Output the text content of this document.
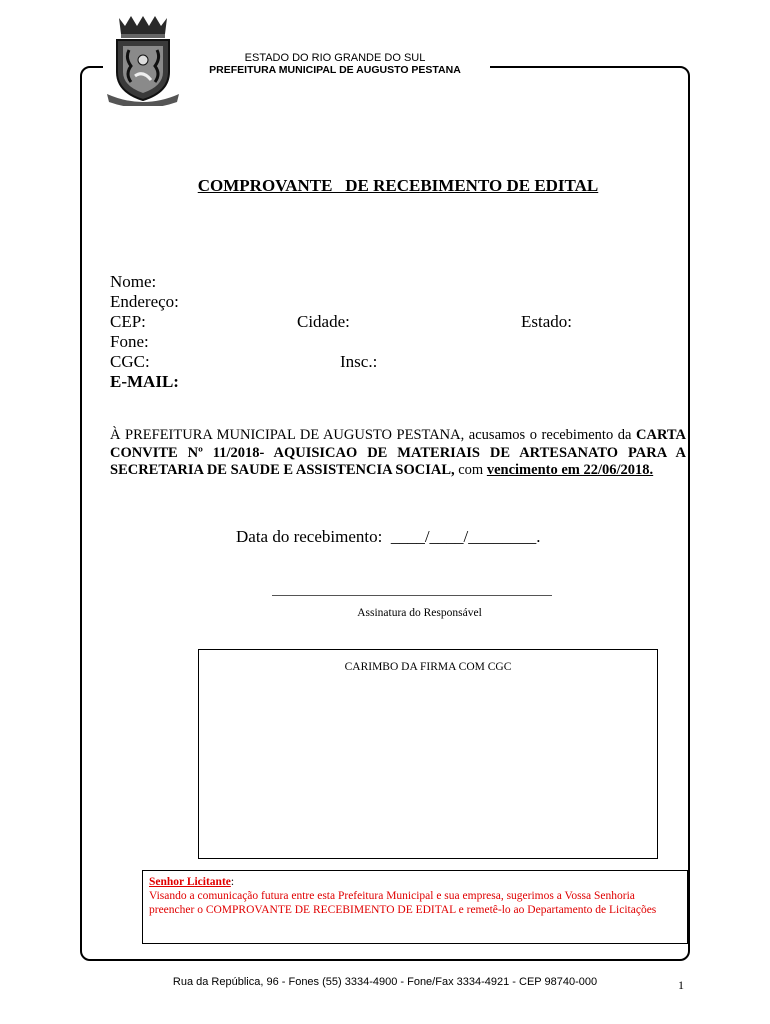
ESTADO DO RIO GRANDE DO SUL
PREFEITURA MUNICIPAL DE AUGUSTO PESTANA
COMPROVANTE   DE RECEBIMENTO DE EDITAL
Nome:
Endereço:
CEP:	Cidade:	Estado:
Fone:
CGC:	Insc.:
E-MAIL:
À PREFEITURA MUNICIPAL DE AUGUSTO PESTANA, acusamos o recebimento da CARTA CONVITE Nº 11/2018- AQUISICAO DE MATERIAIS DE ARTESANATO PARA A SECRETARIA DE SAUDE E ASSISTENCIA SOCIAL, com vencimento em 22/06/2018.
Data do recebimento:  ____/____/________.
Assinatura do Responsável
CARIMBO DA FIRMA COM CGC
Senhor Licitante:
Visando a comunicação futura entre esta Prefeitura Municipal e sua empresa, sugerimos a Vossa Senhoria preencher o COMPROVANTE DE RECEBIMENTO DE EDITAL e remetê-lo ao Departamento de Licitações
Rua da República, 96 - Fones (55) 3334-4900 - Fone/Fax 3334-4921 - CEP 98740-000	1
